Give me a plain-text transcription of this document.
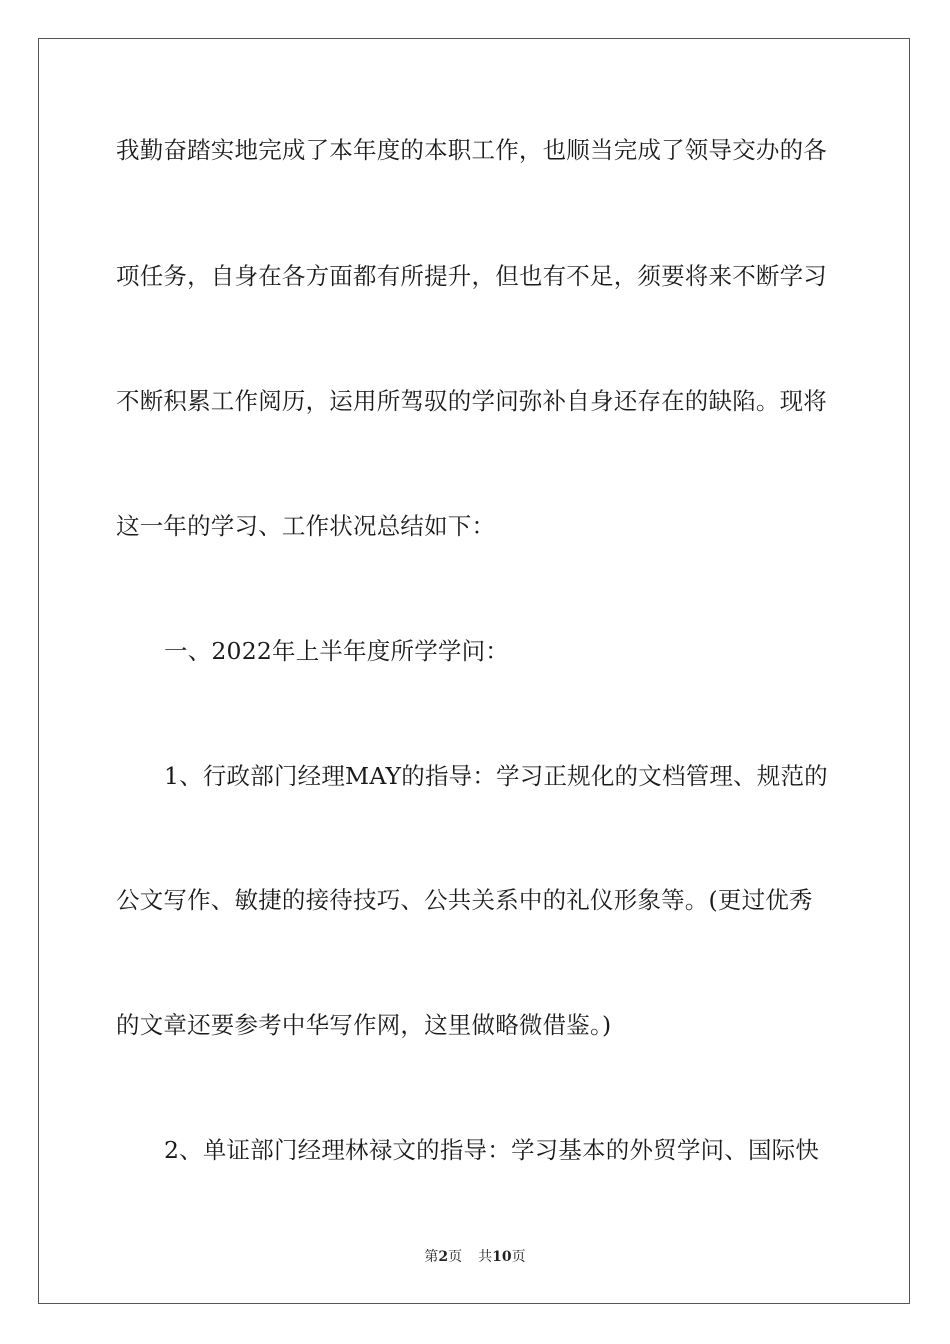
我勤奋踏实地完成了本年度的本职工作，也顺当完成了领导交办的各
项任务，自身在各方面都有所提升，但也有不足，须要将来不断学习
不断积累工作阅历，运用所驾驭的学问弥补自身还存在的缺陷。现将
这一年的学习、工作状况总结如下：
一、2022年上半年度所学学问：
1、行政部门经理MAY的指导：学习正规化的文档管理、规范的
公文写作、敏捷的接待技巧、公共关系中的礼仪形象等。(更过优秀
的文章还要参考中华写作网，这里做略微借鉴。)
2、单证部门经理林禄文的指导：学习基本的外贸学问、国际快
第2页 共10页
